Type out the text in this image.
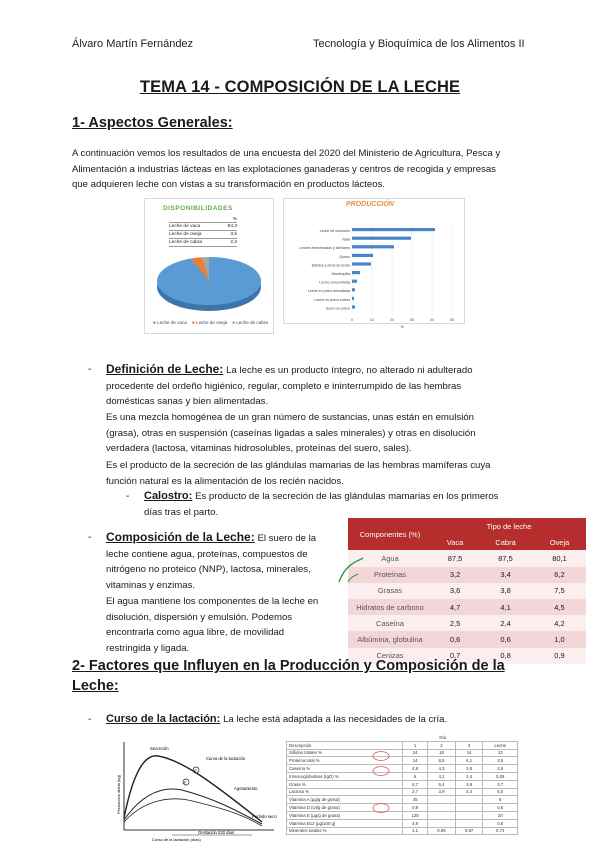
Álvaro Martín Fernández	Tecnología y Bioquímica de los Alimentos II
TEMA 14 - COMPOSICIÓN DE LA LECHE
1- Aspectos Generales:
A continuación vemos los resultados de una encuesta del 2020 del Ministerio de Agricultura, Pesca y
Alimentación a industrias lácteas en las explotaciones ganaderas y centros de recogida y empresas
que adquieren leche con vistas a su transformación en productos lácteos.
DISPONIBILIDADES
%
Leche de vaca	94,3
Leche de oveja	3,5
Leche de cabra	2,2
■ Leche de vaca ■ Leche de oveja ■ Leche de cabra
PRODUCCIÓN
0	10	20	30	40	50
%
Leche de consumo
Nata
Leches fermentadas y similares
Queso
Batidos y otros de leche
Mantequilla
Leche concentrada
Leche en polvo desnatada
Leche en polvo entera
Suero en polvo
- Definición de Leche: La leche es un producto íntegro, no alterado ni adulterado
procedente del ordeño higiénico, regular, completo e ininterrumpido de las hembras
domésticas sanas y bien alimentadas.
Es una mezcla homogénea de un gran número de sustancias, unas están en emulsión
(grasa), otras en suspensión (caseínas ligadas a sales minerales) y otras en disolución
verdadera (lactosa, vitaminas hidrosolubles, proteínas del suero, sales).
Es el producto de la secreción de las glándulas mamarias de las hembras mamíferas cuya
función natural es la alimentación de los recién nacidos.
- Calostro: Es producto de la secreción de las glándulas mamarias en los primeros
días tras el parto.
- Composición de la Leche: El suero de la
leche contiene agua, proteínas, compuestos de
nitrógeno no proteico (NNP), lactosa, minerales,
vitaminas y enzimas.
El agua mantiene los componentes de la leche en
disolución, dispersión y emulsión. Podemos
encontrarla como agua libre, de movilidad
restringida y ligada.
Componentes (%)	Tipo de leche		
	Vaca	Cabra	Oveja
Agua	87,5	87,5	80,1
Proteínas	3,2	3,4	6,2
Grasas	3,6	3,8	7,5
Hidratos de carbono	4,7	4,1	4,5
Caseína	2,5	2,4	4,2
Albúmina, globulina	0,6	0,6	1,0
Cenizas	0,7	0,8	0,9
2- Factores que Influyen en la Producción y Composición de la
Leche:
- Curso de la lactación: La leche está adaptada a las necesidades de la cría.
P
F
Secreción
Curva de la lactación
Agotamiento
Período seco
Gestación 220 días
Curso de la lactación (días)
Producción diaria (kg)
	Día			
Descripción	1	2	3	Leche
Sólidos totales %	24	18	14	13
Proteína total %	14	8,5	6,1	3,5
Caseína %	4,8	4,3	3,8	2,6
Inmunoglobulinas (IgG) %	6	4,2	2,4	0,09
Grasa %	6,7	5,4	3,9	3,7
Lactosa %	2,7	3,9	4,4	5,0
Vitamina A (µg/g de grasa)	45			8
Vitamina D (UI/g de grasa)	0,9			0,6
Vitamina E (µg/g de grasa)	125			20
Vitamina B12 (µg/100 g)	4,9			0,6
Minerales totales %	1,1	0,95	0,87	0,74
